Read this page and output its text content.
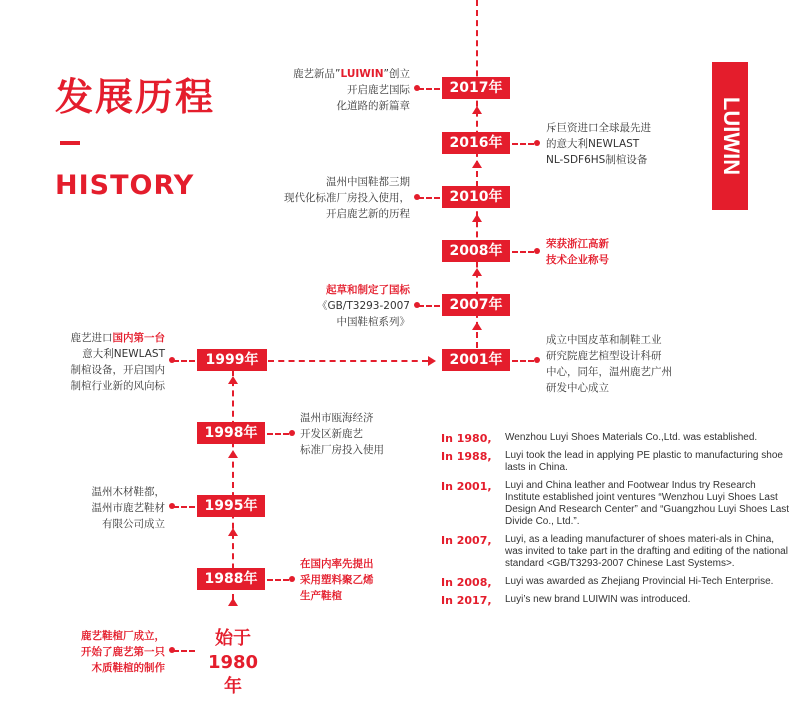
发展历程
HISTORY
LUIWIN
2017年
2016年
2010年
2008年
2007年
2001年
1999年
1998年
1995年
1988年
始于
1980年
鹿艺新品”LUIWIN”创立
开启鹿艺国际
化道路的新篇章
斥巨资进口全球最先进
的意大利NEWLAST
NL-SDF6HS制楦设备
温州中国鞋都三期
现代化标准厂房投入使用，
开启鹿艺新的历程
荣获浙江高新
技术企业称号
起草和制定了国标
《GB/T3293-2007
中国鞋楦系列》
成立中国皮革和制鞋工业
研究院鹿艺楦型设计科研
中心，同年，温州鹿艺广州
研发中心成立
鹿艺进口国内第一台
意大利NEWLAST
制楦设备，开启国内
制楦行业新的风向标
温州市瓯海经济
开发区新鹿艺
标准厂房投入使用
温州木材鞋都，
温州市鹿艺鞋材
有限公司成立
在国内率先提出
采用塑料聚乙烯
生产鞋楦
鹿艺鞋楦厂成立，
开始了鹿艺第一只
木质鞋楦的制作
In 1980, Wenzhou Luyi Shoes Materials Co.,Ltd. was established.
In 1988, Luyi took the lead in applying PE plastic to manufacturing shoe lasts in China.
In 2001, Luyi and China leather and Footwear Indus try Research Institute established joint ventures “Wenzhou Luyi Shoes Last Design And Research Center” and “Guangzhou Luyi Shoes Last Divide Co., Ltd.”.
In 2007, Luyi, as a leading manufacturer of shoes materi-als in China, was invited to take part in the drafting and editing of the national standard <GB/T3293-2007 Chinese Last Systems>.
In 2008, Luyi was awarded as Zhejiang Provincial Hi-Tech Enterprise.
In 2017, Luyi’s new brand LUIWIN was introduced.
